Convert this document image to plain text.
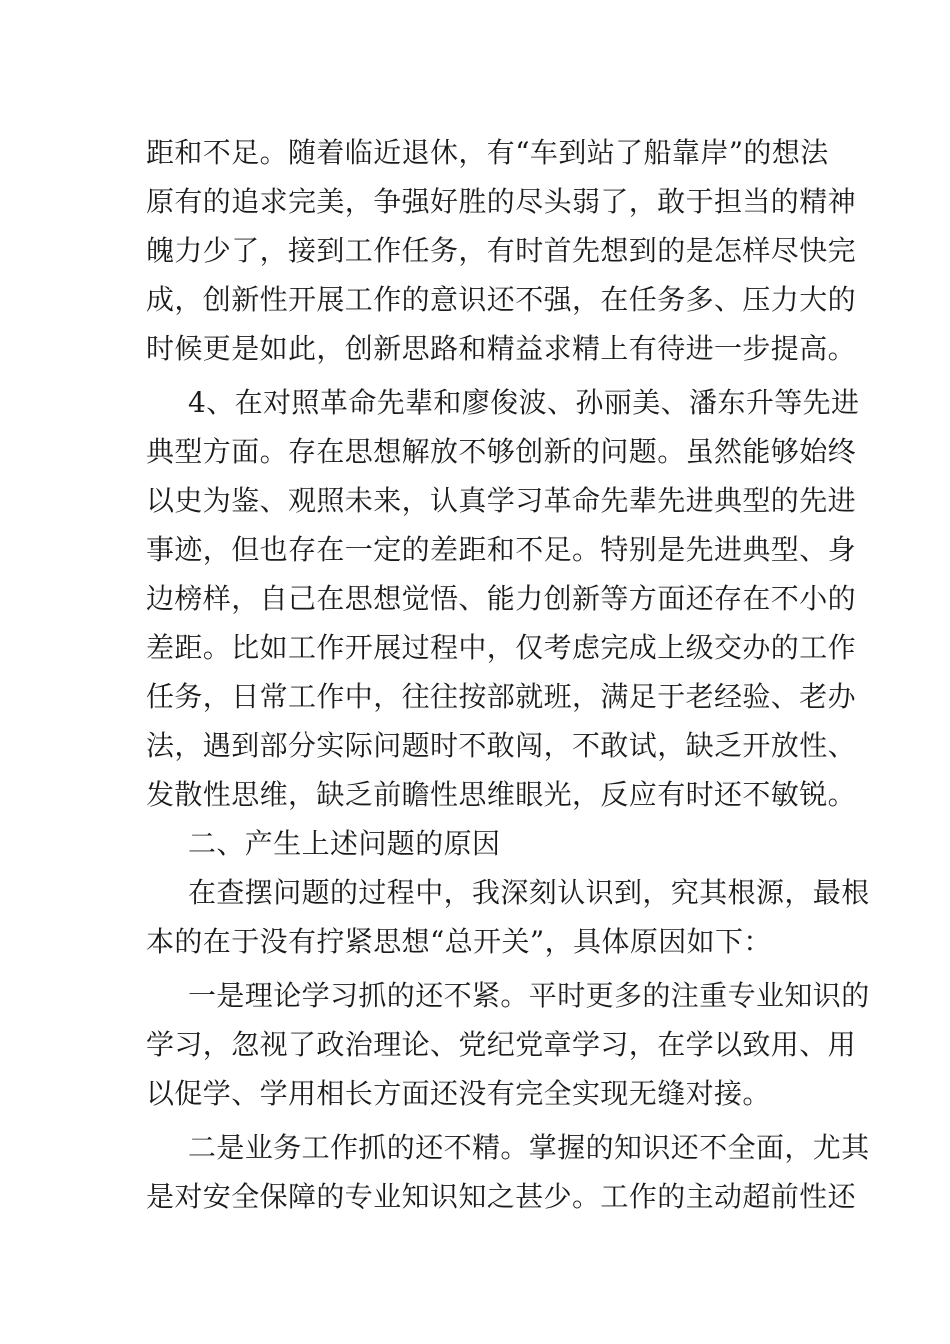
距和不足。随着临近退休，有“车到站了船靠岸”的想法
原有的追求完美，争强好胜的尽头弱了，敢于担当的精神
魄力少了，接到工作任务，有时首先想到的是怎样尽快完
成，创新性开展工作的意识还不强，在任务多、压力大的
时候更是如此，创新思路和精益求精上有待进一步提高。
4、在对照革命先辈和廖俊波、孙丽美、潘东升等先进
典型方面。存在思想解放不够创新的问题。虽然能够始终
以史为鉴、观照未来，认真学习革命先辈先进典型的先进
事迹，但也存在一定的差距和不足。特别是先进典型、身
边榜样，自己在思想觉悟、能力创新等方面还存在不小的
差距。比如工作开展过程中，仅考虑完成上级交办的工作
任务，日常工作中，往往按部就班，满足于老经验、老办
法，遇到部分实际问题时不敢闯，不敢试，缺乏开放性、
发散性思维，缺乏前瞻性思维眼光，反应有时还不敏锐。
二、产生上述问题的原因
在查摆问题的过程中，我深刻认识到，究其根源，最根
本的在于没有拧紧思想“总开关”，具体原因如下：
一是理论学习抓的还不紧。平时更多的注重专业知识的
学习，忽视了政治理论、党纪党章学习，在学以致用、用
以促学、学用相长方面还没有完全实现无缝对接。
二是业务工作抓的还不精。掌握的知识还不全面，尤其
是对安全保障的专业知识知之甚少。工作的主动超前性还
